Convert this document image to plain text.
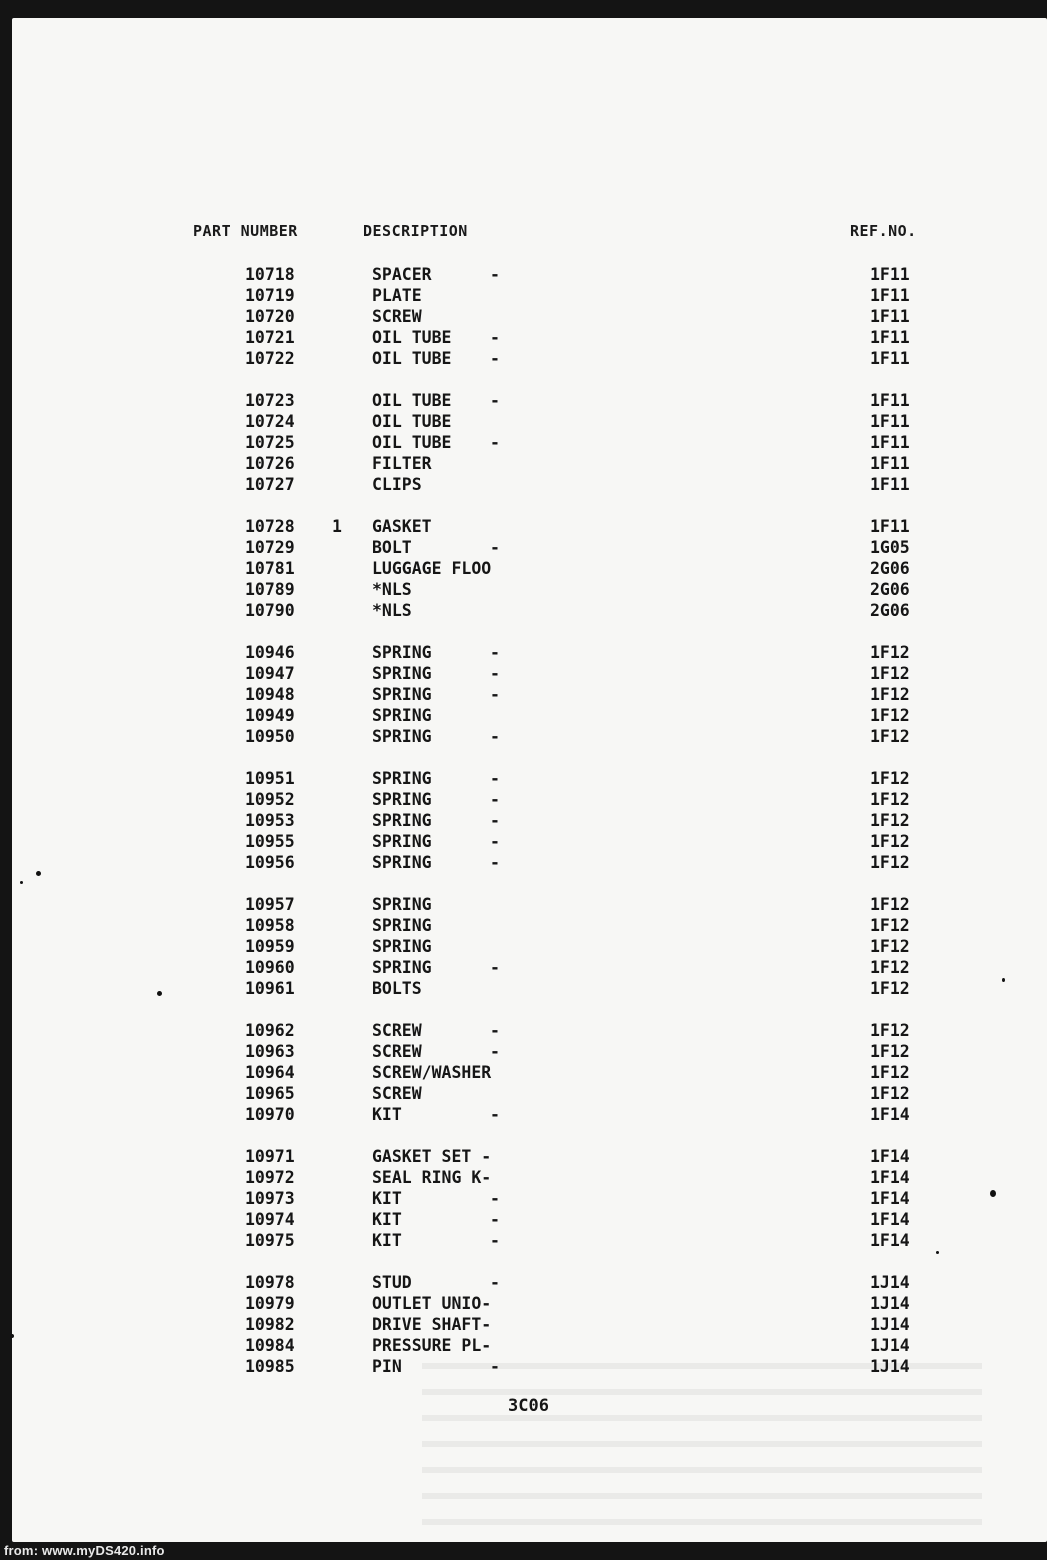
PART NUMBER	DESCRIPTION	REF.NO.
10718	SPACER	-	1F11
10719	PLATE	1F11
10720	SCREW	1F11
10721	OIL TUBE -	1F11
10722	OIL TUBE -	1F11
10723	OIL TUBE -	1F11
10724	OIL TUBE	1F11
10725	OIL TUBE -	1F11
10726	FILTER	1F11
10727	CLIPS	1F11
10728 1 GASKET	1F11
10729	BOLT	-	1G05
10781	LUGGAGE FLOO	2G06
10789	*NLS	2G06
10790	*NLS	2G06
10946	SPRING	-	1F12
10947	SPRING	-	1F12
10948	SPRING	-	1F12
10949	SPRING	1F12
10950	SPRING	-	1F12
10951	SPRING	-	1F12
10952	SPRING	-	1F12
10953	SPRING	-	1F12
10955	SPRING	-	1F12
10956	SPRING	-	1F12
10957	SPRING	1F12
10958	SPRING	1F12
10959	SPRING	1F12
10960	SPRING	-	1F12
10961	BOLTS	1F12
10962	SCREW	-	1F12
10963	SCREW	-	1F12
10964	SCREW/WASHER	1F12
10965	SCREW	1F12
10970	KIT	-	1F14
10971	GASKET SET -	1F14
10972	SEAL RING K-	1F14
10973	KIT	-	1F14
10974	KIT	-	1F14
10975	KIT	-	1F14
10978	STUD	-	1J14
10979	OUTLET UNIO-	1J14
10982	DRIVE SHAFT-	1J14
10984	PRESSURE PL-	1J14
10985	PIN	-	1J14
3C06
from: www.myDS420.info
